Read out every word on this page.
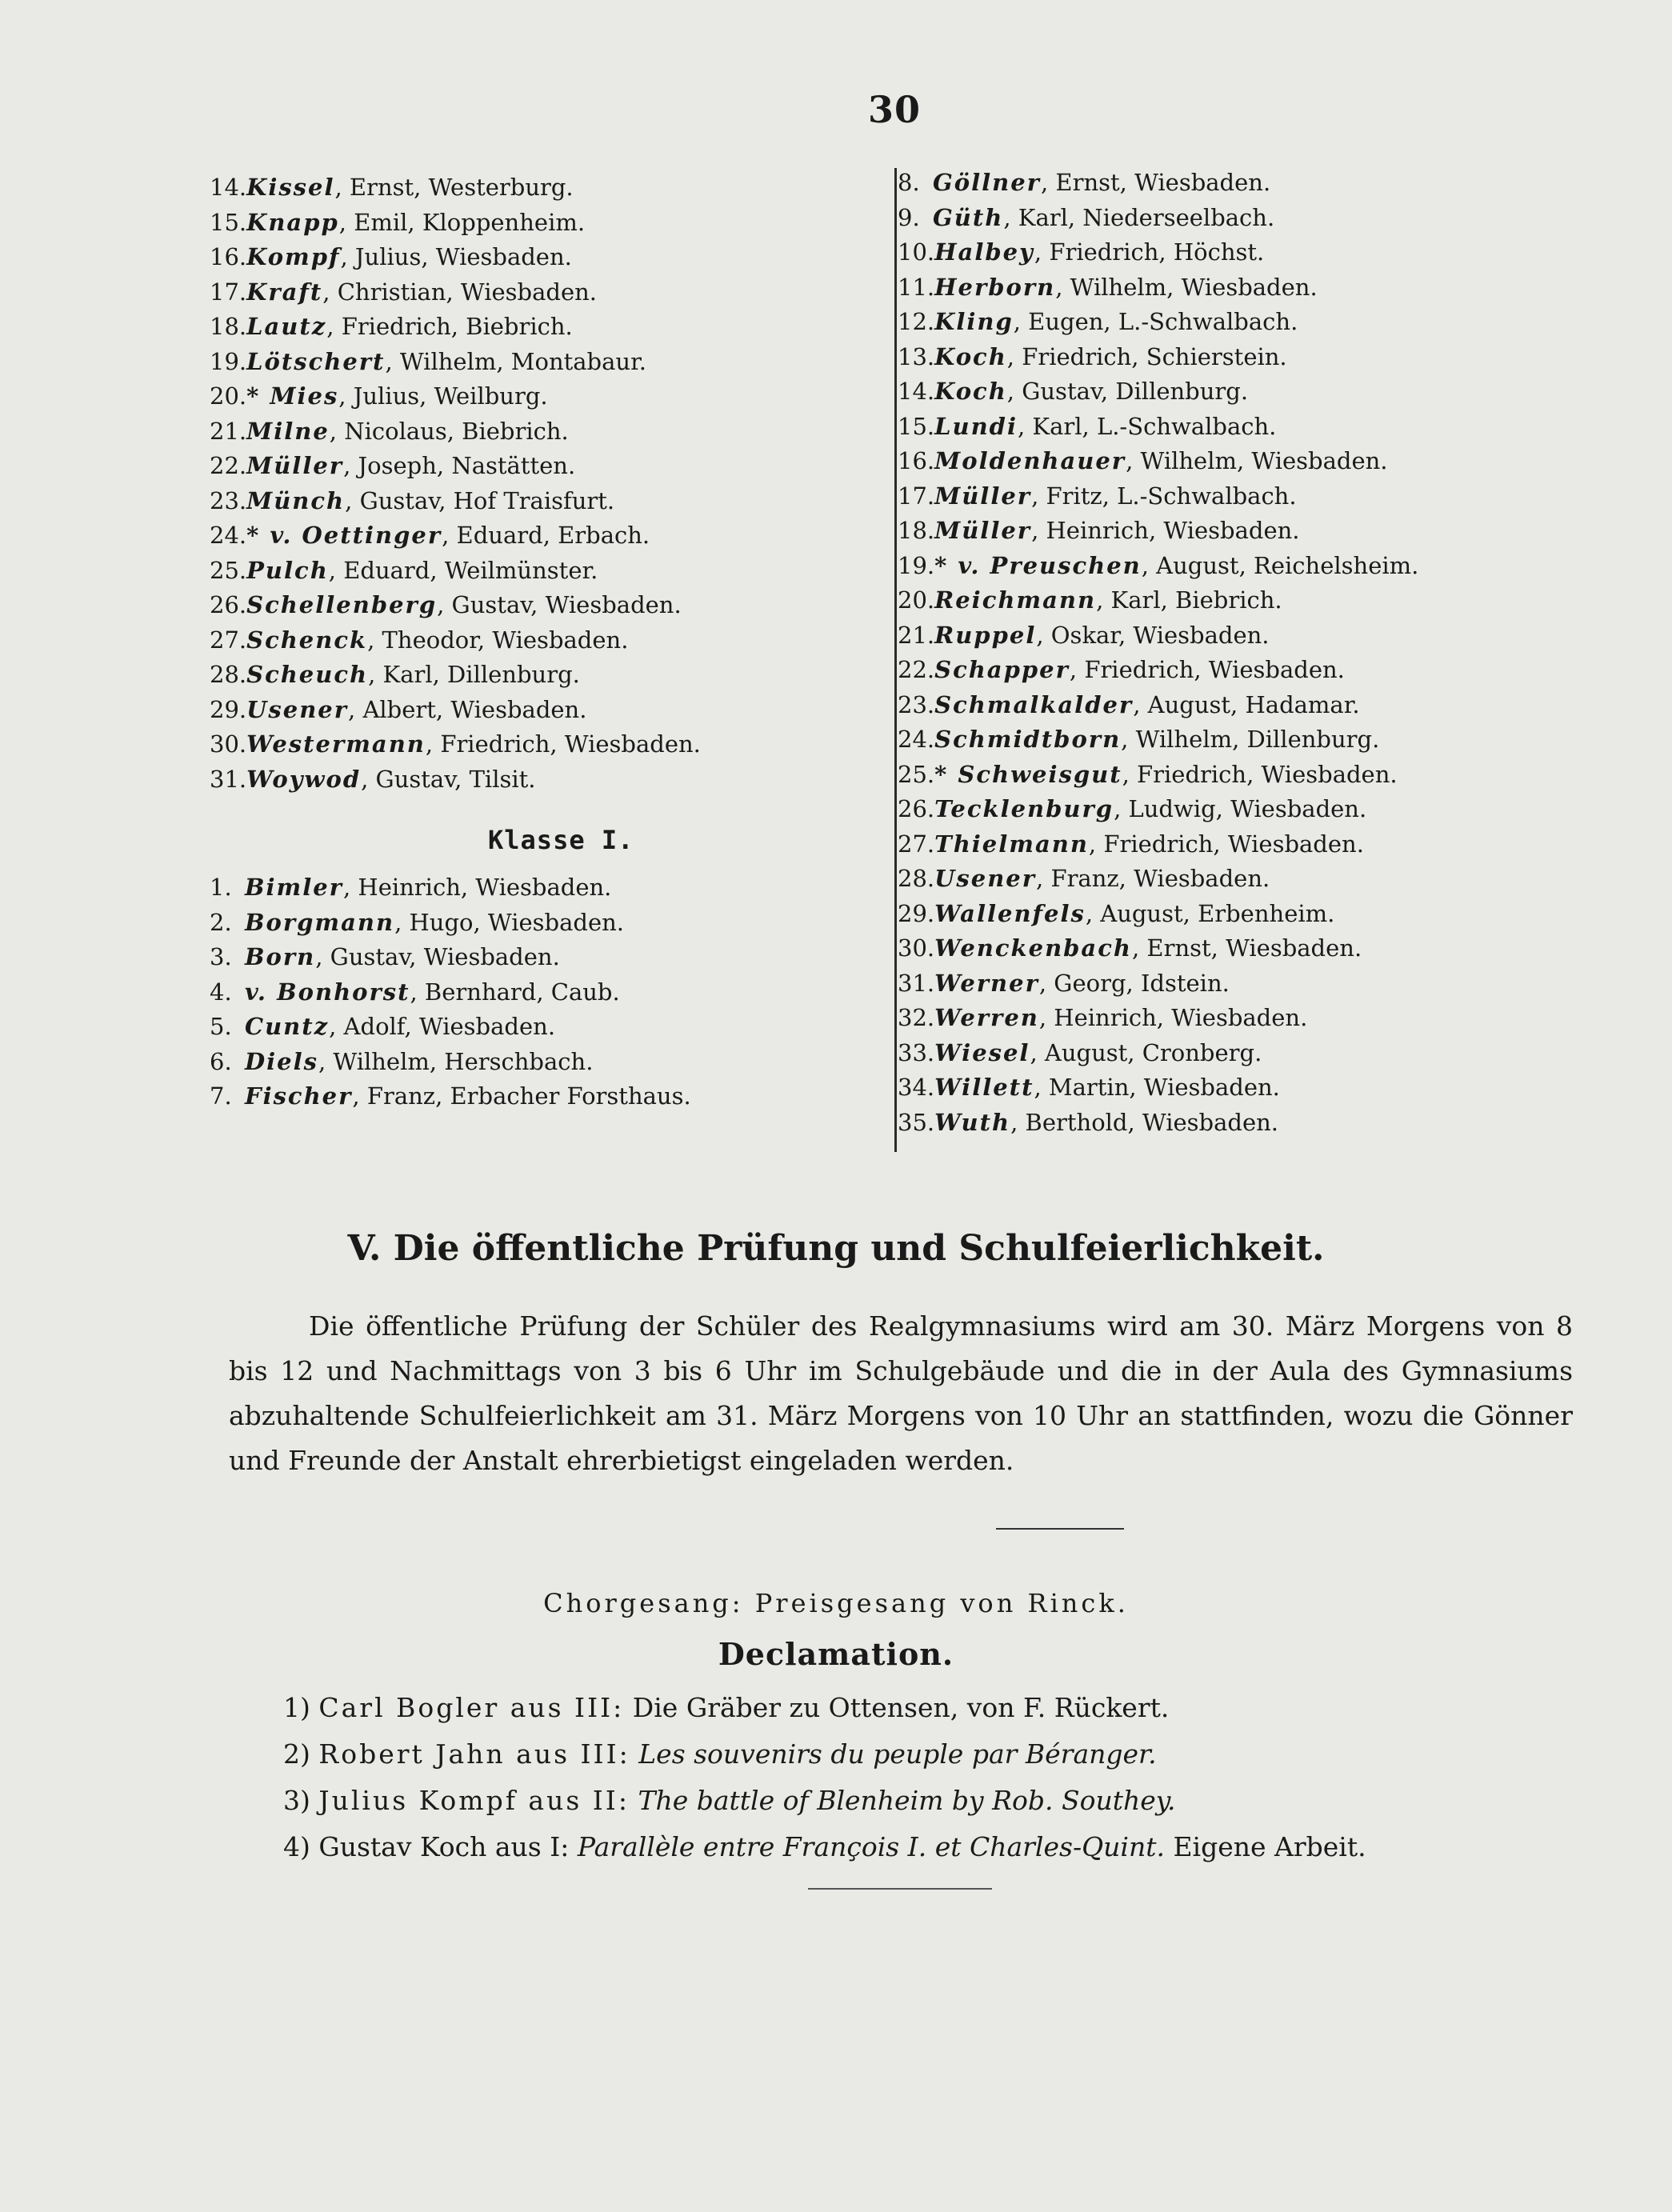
30
14.Kissel, Ernst, Westerburg.
15.Knapp, Emil, Kloppenheim.
16.Kompf, Julius, Wiesbaden.
17.Kraft, Christian, Wiesbaden.
18.Lautz, Friedrich, Biebrich.
19.Lötschert, Wilhelm, Montabaur.
20.* Mies, Julius, Weilburg.
21.Milne, Nicolaus, Biebrich.
22.Müller, Joseph, Nastätten.
23.Münch, Gustav, Hof Traisfurt.
24.* v. Oettinger, Eduard, Erbach.
25.Pulch, Eduard, Weilmünster.
26.Schellenberg, Gustav, Wiesbaden.
27.Schenck, Theodor, Wiesbaden.
28.Scheuch, Karl, Dillenburg.
29.Usener, Albert, Wiesbaden.
30.Westermann, Friedrich, Wiesbaden.
31.Woywod, Gustav, Tilsit.
Klasse I.
1. Bimler, Heinrich, Wiesbaden.
2. Borgmann, Hugo, Wiesbaden.
3. Born, Gustav, Wiesbaden.
4. v. Bonhorst, Bernhard, Caub.
5. Cuntz, Adolf, Wiesbaden.
6. Diels, Wilhelm, Herschbach.
7. Fischer, Franz, Erbacher Forsthaus.
8. Göllner, Ernst, Wiesbaden.
9. Güth, Karl, Niederseelbach.
10.Halbey, Friedrich, Höchst.
11.Herborn, Wilhelm, Wiesbaden.
12.Kling, Eugen, L.-Schwalbach.
13.Koch, Friedrich, Schierstein.
14.Koch, Gustav, Dillenburg.
15.Lundi, Karl, L.-Schwalbach.
16.Moldenhauer, Wilhelm, Wiesbaden.
17.Müller, Fritz, L.-Schwalbach.
18.Müller, Heinrich, Wiesbaden.
19.* v. Preuschen, August, Reichelsheim.
20.Reichmann, Karl, Biebrich.
21.Ruppel, Oskar, Wiesbaden.
22.Schapper, Friedrich, Wiesbaden.
23.Schmalkalder, August, Hadamar.
24.Schmidtborn, Wilhelm, Dillenburg.
25.* Schweisgut, Friedrich, Wiesbaden.
26.Tecklenburg, Ludwig, Wiesbaden.
27.Thielmann, Friedrich, Wiesbaden.
28.Usener, Franz, Wiesbaden.
29.Wallenfels, August, Erbenheim.
30.Wenckenbach, Ernst, Wiesbaden.
31.Werner, Georg, Idstein.
32.Werren, Heinrich, Wiesbaden.
33.Wiesel, August, Cronberg.
34.Willett, Martin, Wiesbaden.
35.Wuth, Berthold, Wiesbaden.
V. Die öffentliche Prüfung und Schulfeierlichkeit.
Die öffentliche Prüfung der Schüler des Realgymnasiums wird am 30. März Morgens von 8 bis 12 und Nachmittags von 3 bis 6 Uhr im Schulgebäude und die in der Aula des Gymnasiums abzuhaltende Schulfeierlichkeit am 31. März Morgens von 10 Uhr an stattfinden, wozu die Gönner und Freunde der Anstalt ehrerbietigst eingeladen werden.
Chorgesang: Preisgesang von Rinck.
Declamation.
1) Carl Bogler aus III: Die Gräber zu Ottensen, von F. Rückert.
2) Robert Jahn aus III: Les souvenirs du peuple par Béranger.
3) Julius Kompf aus II: The battle of Blenheim by Rob. Southey.
4) Gustav Koch aus I: Parallèle entre François I. et Charles-Quint. Eigene Arbeit.
